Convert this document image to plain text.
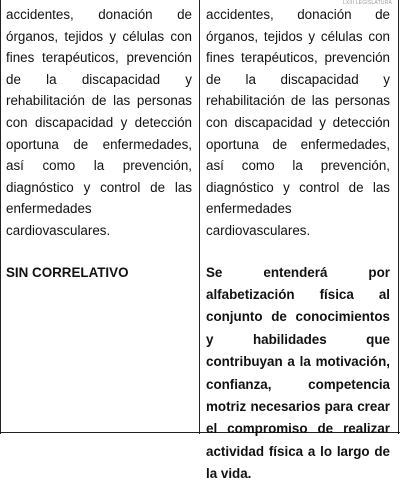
LXIII LEGISLATURA
accidentes, donación de órganos, tejidos y células con fines terapéuticos, prevención de la discapacidad y rehabilitación de las personas con discapacidad y detección oportuna de enfermedades, así como la prevención, diagnóstico y control de las enfermedades cardiovasculares.
SIN CORRELATIVO
accidentes, donación de órganos, tejidos y células con fines terapéuticos, prevención de la discapacidad y rehabilitación de las personas con discapacidad y detección oportuna de enfermedades, así como la prevención, diagnóstico y control de las enfermedades cardiovasculares.
Se entenderá por alfabetización física al conjunto de conocimientos y habilidades que contribuyan a la motivación, confianza, competencia motriz necesarios para crear el compromiso de realizar actividad física a lo largo de la vida.
